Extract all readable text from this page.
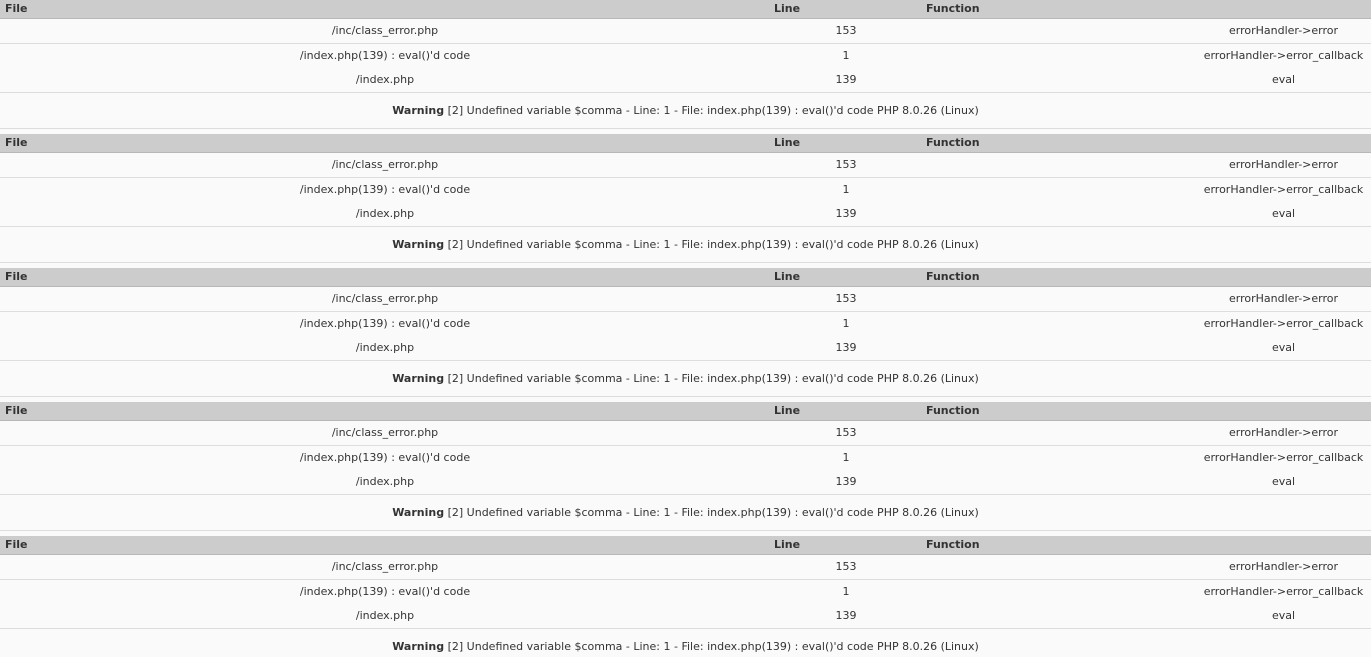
File	Line	Function
/inc/class_error.php	153	errorHandler->error
/index.php(139) : eval()'d code	1	errorHandler->error_callback
/index.php	139	eval
Warning [2] Undefined variable $comma - Line: 1 - File: index.php(139) : eval()'d code PHP 8.0.26 (Linux)
File	Line	Function
/inc/class_error.php	153	errorHandler->error
/index.php(139) : eval()'d code	1	errorHandler->error_callback
/index.php	139	eval
Warning [2] Undefined variable $comma - Line: 1 - File: index.php(139) : eval()'d code PHP 8.0.26 (Linux)
File	Line	Function
/inc/class_error.php	153	errorHandler->error
/index.php(139) : eval()'d code	1	errorHandler->error_callback
/index.php	139	eval
Warning [2] Undefined variable $comma - Line: 1 - File: index.php(139) : eval()'d code PHP 8.0.26 (Linux)
File	Line	Function
/inc/class_error.php	153	errorHandler->error
/index.php(139) : eval()'d code	1	errorHandler->error_callback
/index.php	139	eval
Warning [2] Undefined variable $comma - Line: 1 - File: index.php(139) : eval()'d code PHP 8.0.26 (Linux)
File	Line	Function
/inc/class_error.php	153	errorHandler->error
/index.php(139) : eval()'d code	1	errorHandler->error_callback
/index.php	139	eval
Warning [2] Undefined variable $comma - Line: 1 - File: index.php(139) : eval()'d code PHP 8.0.26 (Linux)
